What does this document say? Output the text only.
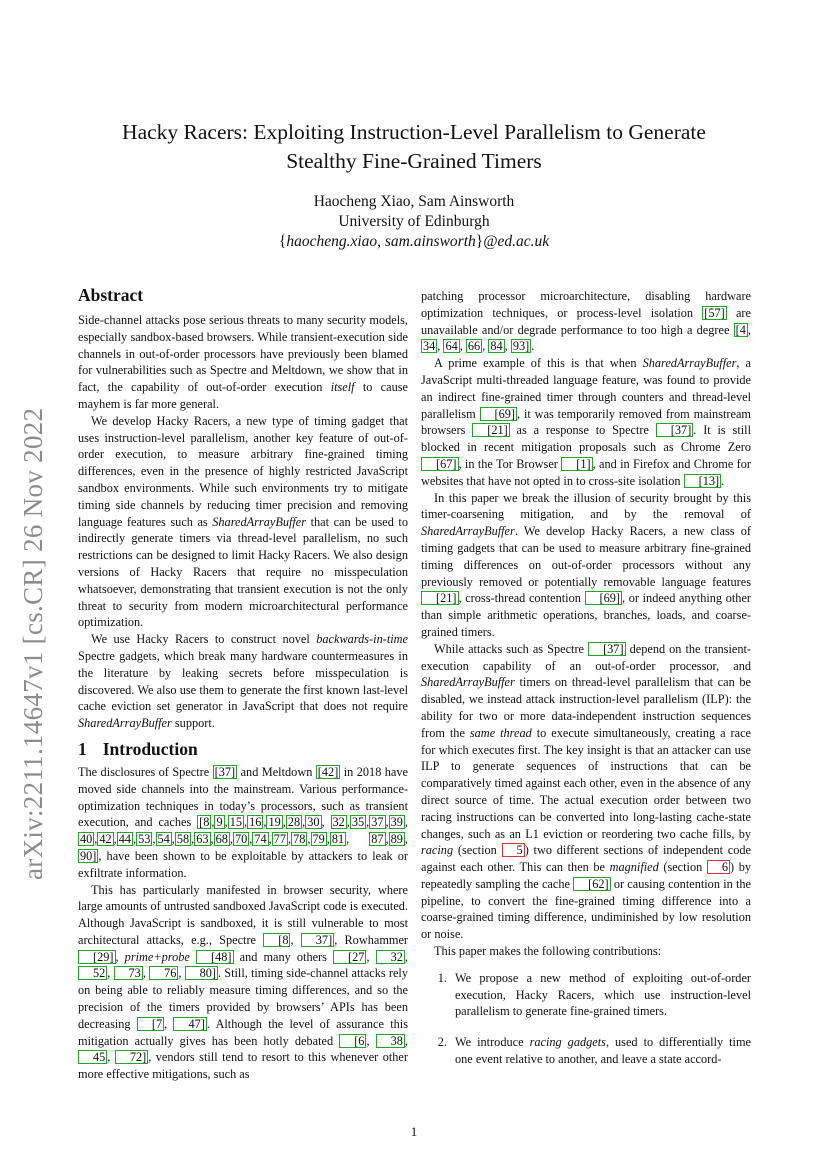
arXiv:2211.14647v1 [cs.CR] 26 Nov 2022
Hacky Racers: Exploiting Instruction-Level Parallelism to Generate
Stealthy Fine-Grained Timers
Haocheng Xiao, Sam Ainsworth
University of Edinburgh
{haocheng.xiao, sam.ainsworth}@ed.ac.uk
Abstract

Side-channel attacks pose serious threats to many security models, especially sandbox-based browsers. While transient-execution side channels in out-of-order processors have previously been blamed for vulnerabilities such as Spectre and Meltdown, we show that in fact, the capability of out-of-order execution itself to cause mayhem is far more general.

We develop Hacky Racers, a new type of timing gadget that uses instruction-level parallelism, another key feature of out-of-order execution, to measure arbitrary fine-grained timing differences, even in the presence of highly restricted JavaScript sandbox environments. While such environments try to mitigate timing side channels by reducing timer precision and removing language features such as SharedArrayBuffer that can be used to indirectly generate timers via thread-level parallelism, no such restrictions can be designed to limit Hacky Racers. We also design versions of Hacky Racers that require no misspeculation whatsoever, demonstrating that transient execution is not the only threat to security from modern microarchitectural performance optimization.

We use Hacky Racers to construct novel backwards-in-time Spectre gadgets, which break many hardware countermeasures in the literature by leaking secrets before misspeculation is discovered. We also use them to generate the first known last-level cache eviction set generator in JavaScript that does not require SharedArrayBuffer support.

1 Introduction

The disclosures of Spectre [37] and Meltdown [42] in 2018 have moved side channels into the mainstream. Various performance-optimization techniques in today’s processors, such as transient execution, and caches [8 , 9 , 15 , 16 , 19 , 28 , 30 , 32 , 35 , 37 , 39 ,40 , 42 , 44 , 53 , 54 , 58 , 63 , 68 , 70 , 74 , 77 , 78 , 79 , 81 , 87 , 89 ,90] , have been shown to be exploitable by attackers to leak or exfiltrate information.

This has particularly manifested in browser security, where large amounts of untrusted sandboxed JavaScript code is executed. Although JavaScript is sandboxed, it is still vulnerable to most architectural attacks, e.g., Spectre [8 , 37] , Rowhammer [29] , prime+probe [48] and many others [27 , 32 , 52 , 73 , 76 , 80] . Still, timing side-channel attacks rely on being able to reliably measure timing differences, and so the precision of the timers provided by browsers’ APIs has been decreasing [7 , 47] . Although the level of assurance this mitigation actually gives has been hotly debated [6 , 38 , 45 , 72] , vendors still tend to resort to this whenever other more effective mitigations, such as

patching processor microarchitecture, disabling hardware optimization techniques, or process-level isolation [57] are unavailable and/or degrade performance to too high a degree [4 , 34 , 64 , 66 , 84 , 93] .

A prime example of this is that when SharedArrayBuffer, a JavaScript multi-threaded language feature, was found to provide an indirect fine-grained timer through counters and thread-level parallelism [69] , it was temporarily removed from mainstream browsers [21] as a response to Spectre [37] . It is still blocked in recent mitigation proposals such as Chrome Zero [67] , in the Tor Browser [1] , and in Firefox and Chrome for websites that have not opted in to cross-site isolation [13] .

In this paper we break the illusion of security brought by this timer-coarsening mitigation, and by the removal of SharedArrayBuffer. We develop Hacky Racers, a new class of timing gadgets that can be used to measure arbitrary fine-grained timing differences on out-of-order processors without any previously removed or potentially removable language features [21] , cross-thread contention [69] , or indeed anything other than simple arithmetic operations, branches, loads, and coarse-grained timers.

While attacks such as Spectre [37] depend on the transient-execution capability of an out-of-order processor, and SharedArrayBuffer timers on thread-level parallelism that can be disabled, we instead attack instruction-level parallelism (ILP): the ability for two or more data-independent instruction sequences from the same thread to execute simultaneously, creating a race for which executes first. The key insight is that an attacker can use ILP to generate sequences of instructions that can be comparatively timed against each other, even in the absence of any direct source of time. The actual execution order between two racing instructions can be converted into long-lasting cache-state changes, such as an L1 eviction or reordering two cache fills, by racing (section 5 ) two different sections of independent code against each other. This can then be magnified (section 6 ) by repeatedly sampling the cache [62] or causing contention in the pipeline, to convert the fine-grained timing difference into a coarse-grained timing difference, undiminished by low resolution or noise.

This paper makes the following contributions:

1. We propose a new method of exploiting out-of-order execution, Hacky Racers, which use instruction-level parallelism to generate fine-grained timers.
2. We introduce racing gadgets, used to differentially time one event relative to another, and leave a state accord-
1
